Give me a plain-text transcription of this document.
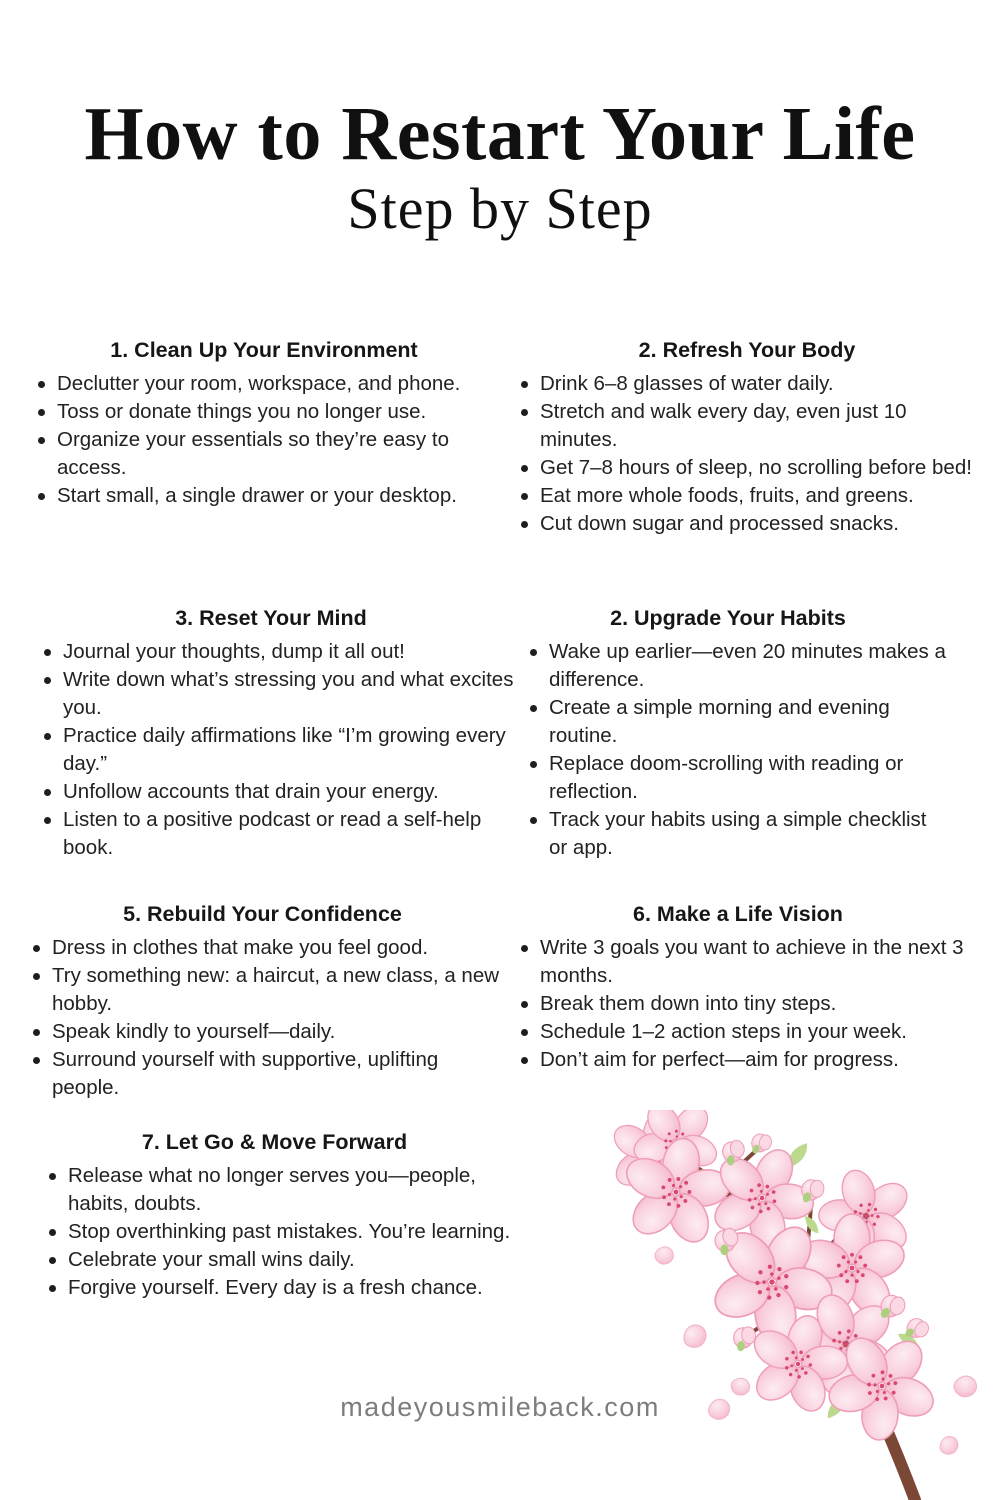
How to Restart Your Life
Step by Step
1. Clean Up Your Environment
Declutter your room, workspace, and phone.
Toss or donate things you no longer use.
Organize your essentials so they’re easy to access.
Start small, a single drawer or your desktop.
2. Refresh Your Body
Drink 6–8 glasses of water daily.
Stretch and walk every day, even just 10 minutes.
Get 7–8 hours of sleep, no scrolling before bed!
Eat more whole foods, fruits, and greens.
Cut down sugar and processed snacks.
3. Reset Your Mind
Journal your thoughts, dump it all out!
Write down what’s stressing you and what excites you.
Practice daily affirmations like “I’m growing every day.”
Unfollow accounts that drain your energy.
Listen to a positive podcast or read a self-help book.
2. Upgrade Your Habits
Wake up earlier—even 20 minutes makes a difference.
Create a simple morning and evening routine.
Replace doom-scrolling with reading or reflection.
Track your habits using a simple checklist or app.
5. Rebuild Your Confidence
Dress in clothes that make you feel good.
Try something new: a haircut, a new class, a new hobby.
Speak kindly to yourself—daily.
Surround yourself with supportive, uplifting people.
6. Make a Life Vision
Write 3 goals you want to achieve in the next 3 months.
Break them down into tiny steps.
Schedule 1–2 action steps in your week.
Don’t aim for perfect—aim for progress.
7. Let Go & Move Forward
Release what no longer serves you—people, habits, doubts.
Stop overthinking past mistakes. You’re learning.
Celebrate your small wins daily.
Forgive yourself. Every day is a fresh chance.
madeyousmileback.com
